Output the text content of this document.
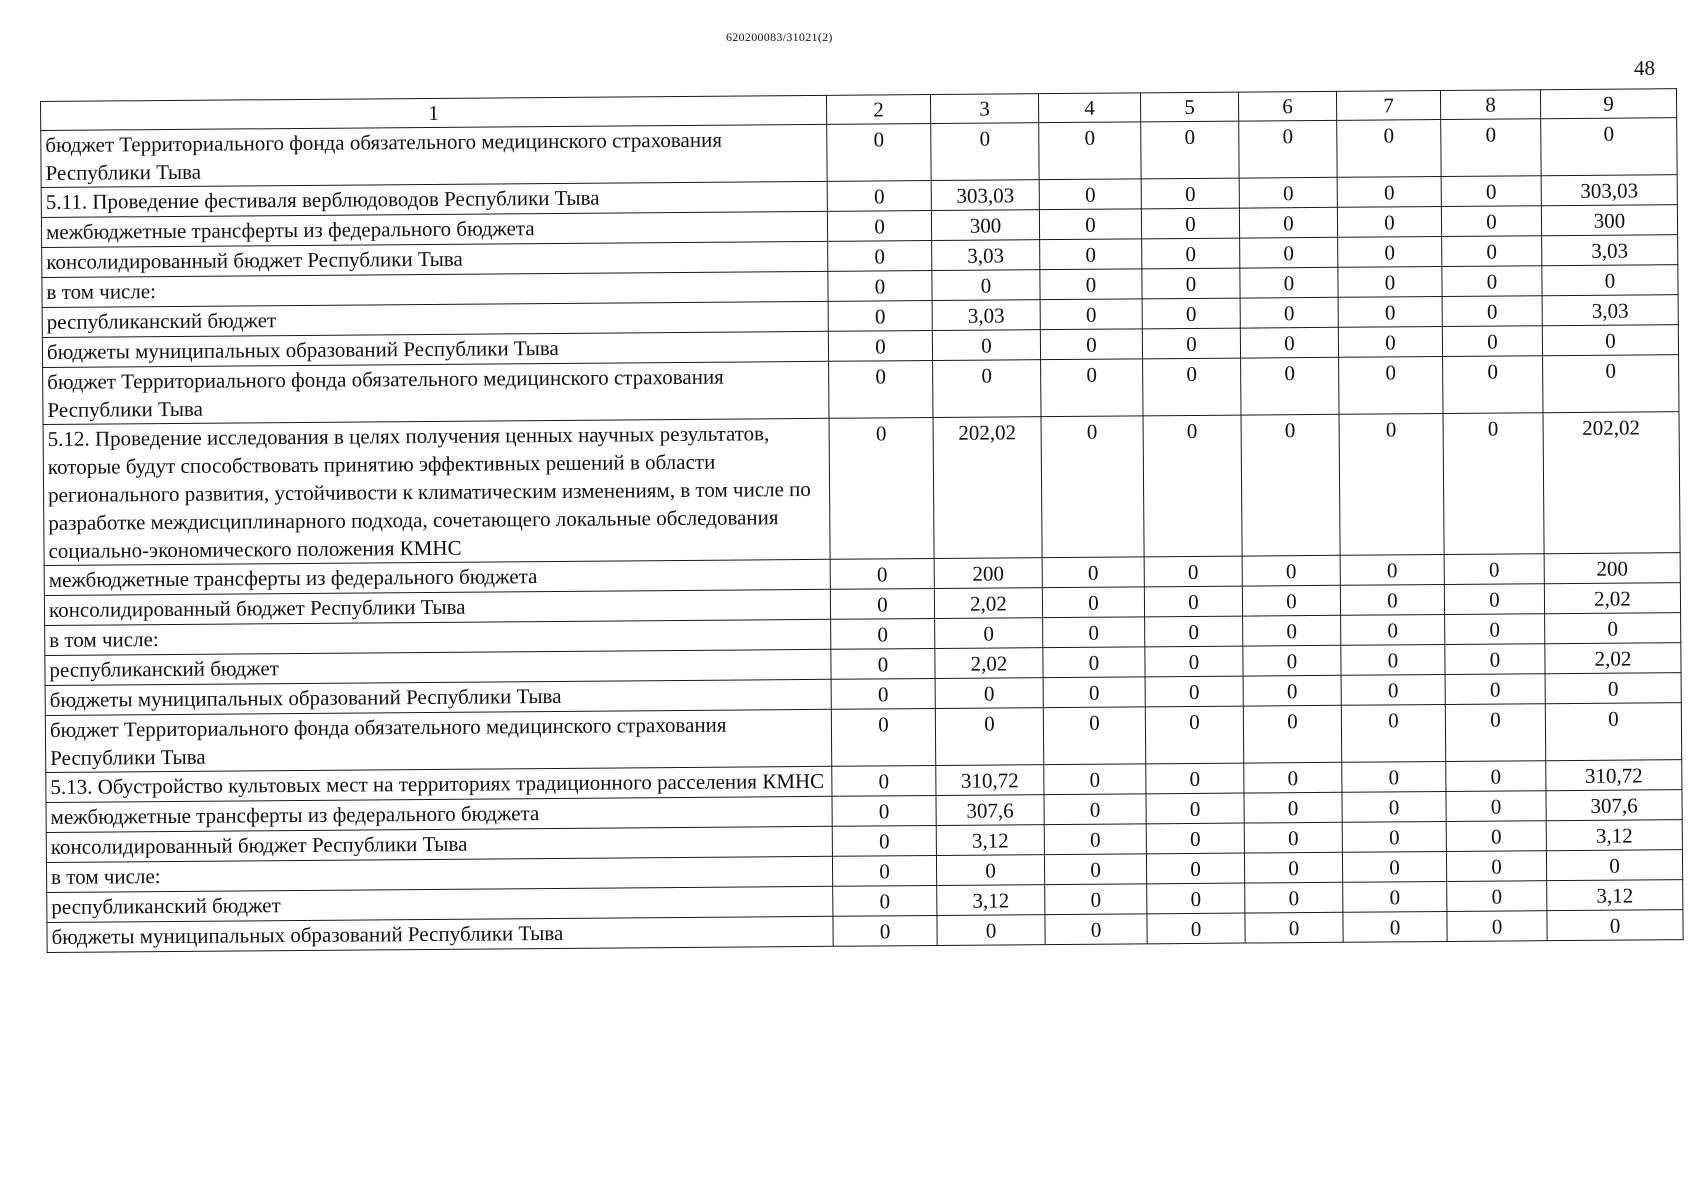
620200083/31021(2)
48
1	2	3	4	5	6	7	8	9
бюджет Территориального фонда обязательного медицинского страхования Республики Тыва	0	0	0	0	0	0	0	0
5.11. Проведение фестиваля верблюдоводов Республики Тыва	0	303,03	0	0	0	0	0	303,03
межбюджетные трансферты из федерального бюджета	0	300	0	0	0	0	0	300
консолидированный бюджет Республики Тыва	0	3,03	0	0	0	0	0	3,03
в том числе:	0	0	0	0	0	0	0	0
республиканский бюджет	0	3,03	0	0	0	0	0	3,03
бюджеты муниципальных образований Республики Тыва	0	0	0	0	0	0	0	0
бюджет Территориального фонда обязательного медицинского страхования Республики Тыва	0	0	0	0	0	0	0	0
5.12. Проведение исследования в целях получения ценных научных результатов, которые будут способствовать принятию эффективных решений в области регионального развития, устойчивости к климатическим изменениям, в том числе по разработке междисциплинарного подхода, сочетающего локальные обследования социально-экономического положения КМНС	0	202,02	0	0	0	0	0	202,02
межбюджетные трансферты из федерального бюджета	0	200	0	0	0	0	0	200
консолидированный бюджет Республики Тыва	0	2,02	0	0	0	0	0	2,02
в том числе:	0	0	0	0	0	0	0	0
республиканский бюджет	0	2,02	0	0	0	0	0	2,02
бюджеты муниципальных образований Республики Тыва	0	0	0	0	0	0	0	0
бюджет Территориального фонда обязательного медицинского страхования Республики Тыва	0	0	0	0	0	0	0	0
5.13. Обустройство культовых мест на территориях традиционного расселения КМНС	0	310,72	0	0	0	0	0	310,72
межбюджетные трансферты из федерального бюджета	0	307,6	0	0	0	0	0	307,6
консолидированный бюджет Республики Тыва	0	3,12	0	0	0	0	0	3,12
в том числе:	0	0	0	0	0	0	0	0
республиканский бюджет	0	3,12	0	0	0	0	0	3,12
бюджеты муниципальных образований Республики Тыва	0	0	0	0	0	0	0	0
